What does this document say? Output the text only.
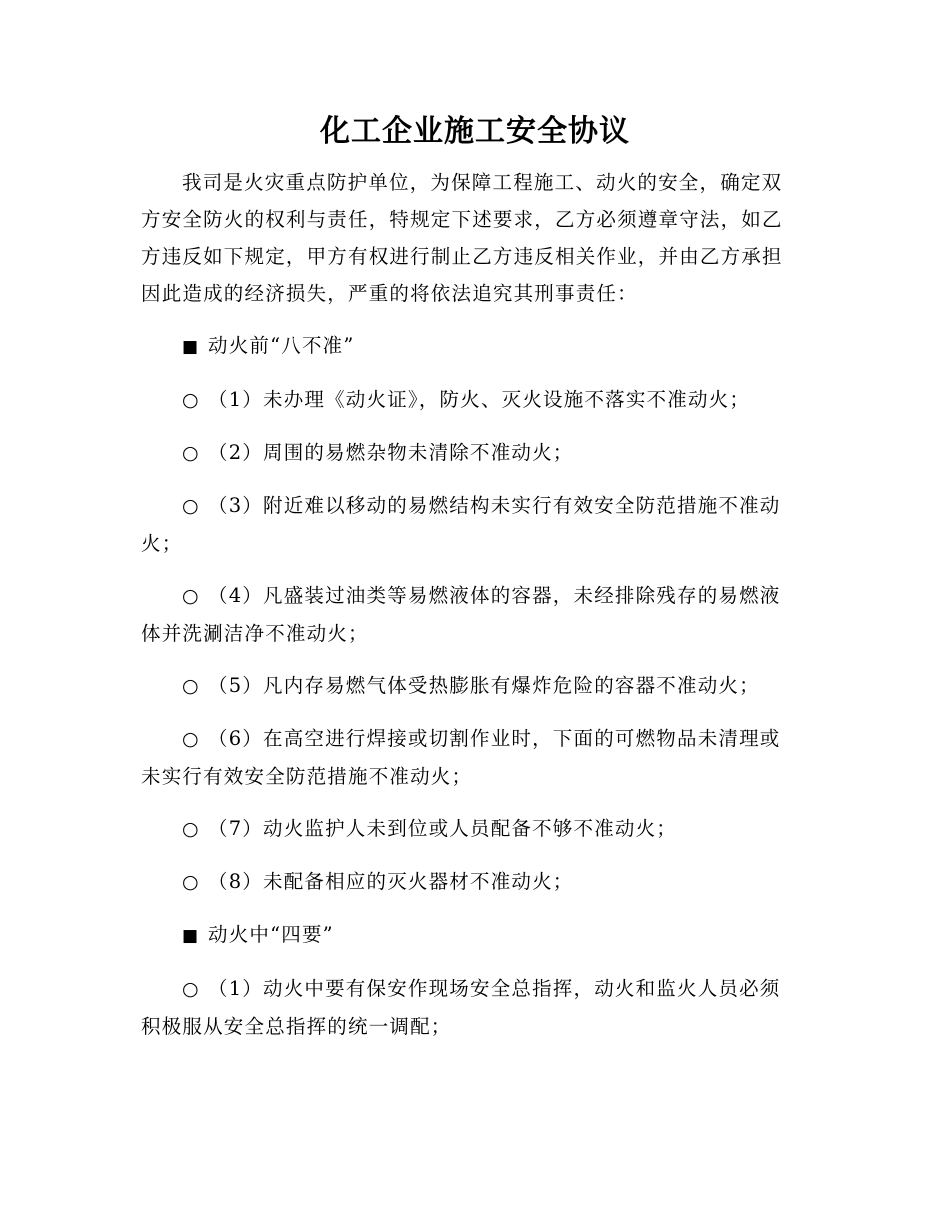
化工企业施工安全协议

我司是火灾重点防护单位，为保障工程施工、动火的安全，确定双方安全防火的权利与责任，特规定下述要求，乙方必须遵章守法，如乙方违反如下规定，甲方有权进行制止乙方违反相关作业，并由乙方承担因此造成的经济损失，严重的将依法追究其刑事责任：

■ 动火前“八不准”

○ （1）未办理《动火证》，防火、灭火设施不落实不准动火；

○ （2）周围的易燃杂物未清除不准动火；

○ （3）附近难以移动的易燃结构未实行有效安全防范措施不准动火；

○ （4）凡盛装过油类等易燃液体的容器，未经排除残存的易燃液体并洗涮洁净不准动火；

○ （5）凡内存易燃气体受热膨胀有爆炸危险的容器不准动火；

○ （6）在高空进行焊接或切割作业时，下面的可燃物品未清理或未实行有效安全防范措施不准动火；

○ （7）动火监护人未到位或人员配备不够不准动火；

○ （8）未配备相应的灭火器材不准动火；

■ 动火中“四要”

○ （1）动火中要有保安作现场安全总指挥，动火和监火人员必须积极服从安全总指挥的统一调配；
